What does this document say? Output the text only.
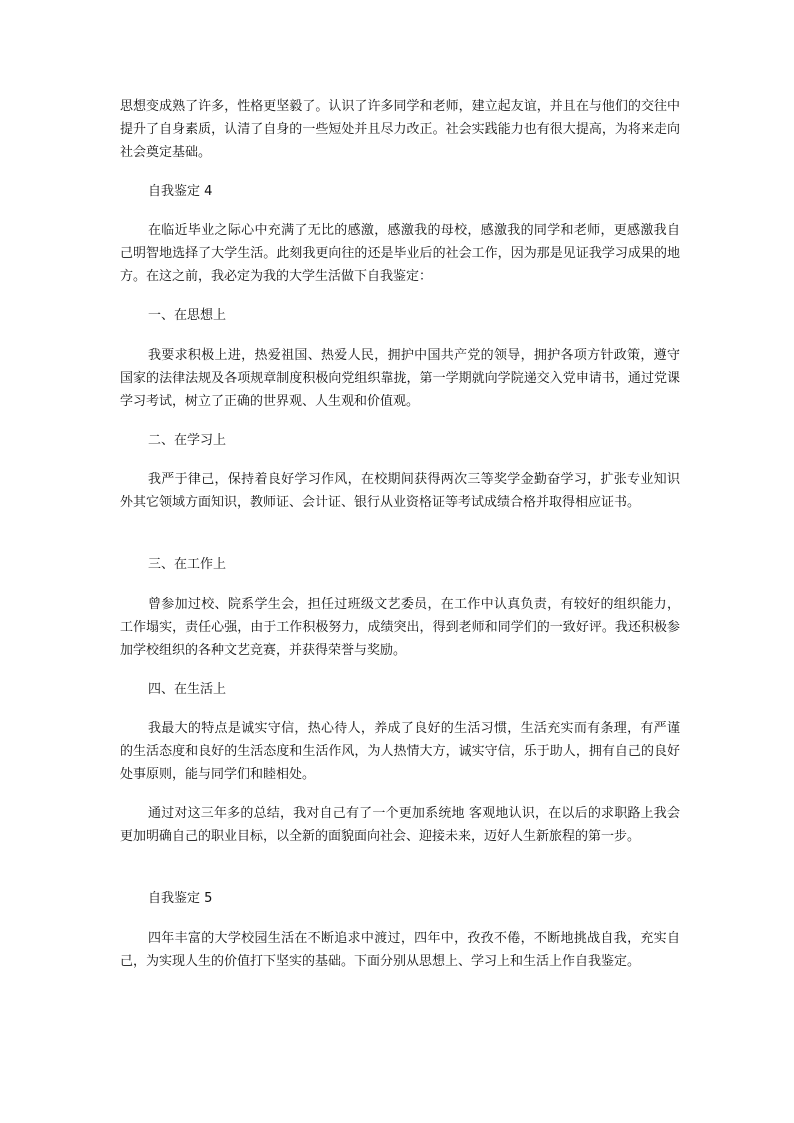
思想变成熟了许多，性格更坚毅了。认识了许多同学和老师，建立起友谊，并且在与他们的交往中提升了自身素质，认清了自身的一些短处并且尽力改正。社会实践能力也有很大提高，为将来走向社会奠定基础。

自我鉴定 4

在临近毕业之际心中充满了无比的感激，感激我的母校，感激我的同学和老师，更感激我自己明智地选择了大学生活。此刻我更向往的还是毕业后的社会工作，因为那是见证我学习成果的地方。在这之前，我必定为我的大学生活做下自我鉴定：

一、在思想上

我要求积极上进，热爱祖国、热爱人民，拥护中国共产党的领导，拥护各项方针政策，遵守国家的法律法规及各项规章制度积极向党组织靠拢，第一学期就向学院递交入党申请书，通过党课学习考试，树立了正确的世界观、人生观和价值观。

二、在学习上

我严于律己，保持着良好学习作风，在校期间获得两次三等奖学金勤奋学习，扩张专业知识外其它领域方面知识，教师证、会计证、银行从业资格证等考试成绩合格并取得相应证书。

三、在工作上

曾参加过校、院系学生会，担任过班级文艺委员，在工作中认真负责，有较好的组织能力，工作塌实，责任心强，由于工作积极努力，成绩突出，得到老师和同学们的一致好评。我还积极参加学校组织的各种文艺竞赛，并获得荣誉与奖励。

四、在生活上

我最大的特点是诚实守信，热心待人，养成了良好的生活习惯，生活充实而有条理，有严谨的生活态度和良好的生活态度和生活作风，为人热情大方，诚实守信，乐于助人，拥有自己的良好处事原则，能与同学们和睦相处。

通过对这三年多的总结，我对自己有了一个更加系统地 客观地认识，在以后的求职路上我会更加明确自己的职业目标，以全新的面貌面向社会、迎接未来，迈好人生新旅程的第一步。

自我鉴定 5

四年丰富的大学校园生活在不断追求中渡过，四年中，孜孜不倦，不断地挑战自我，充实自己，为实现人生的价值打下坚实的基础。下面分别从思想上、学习上和生活上作自我鉴定。
